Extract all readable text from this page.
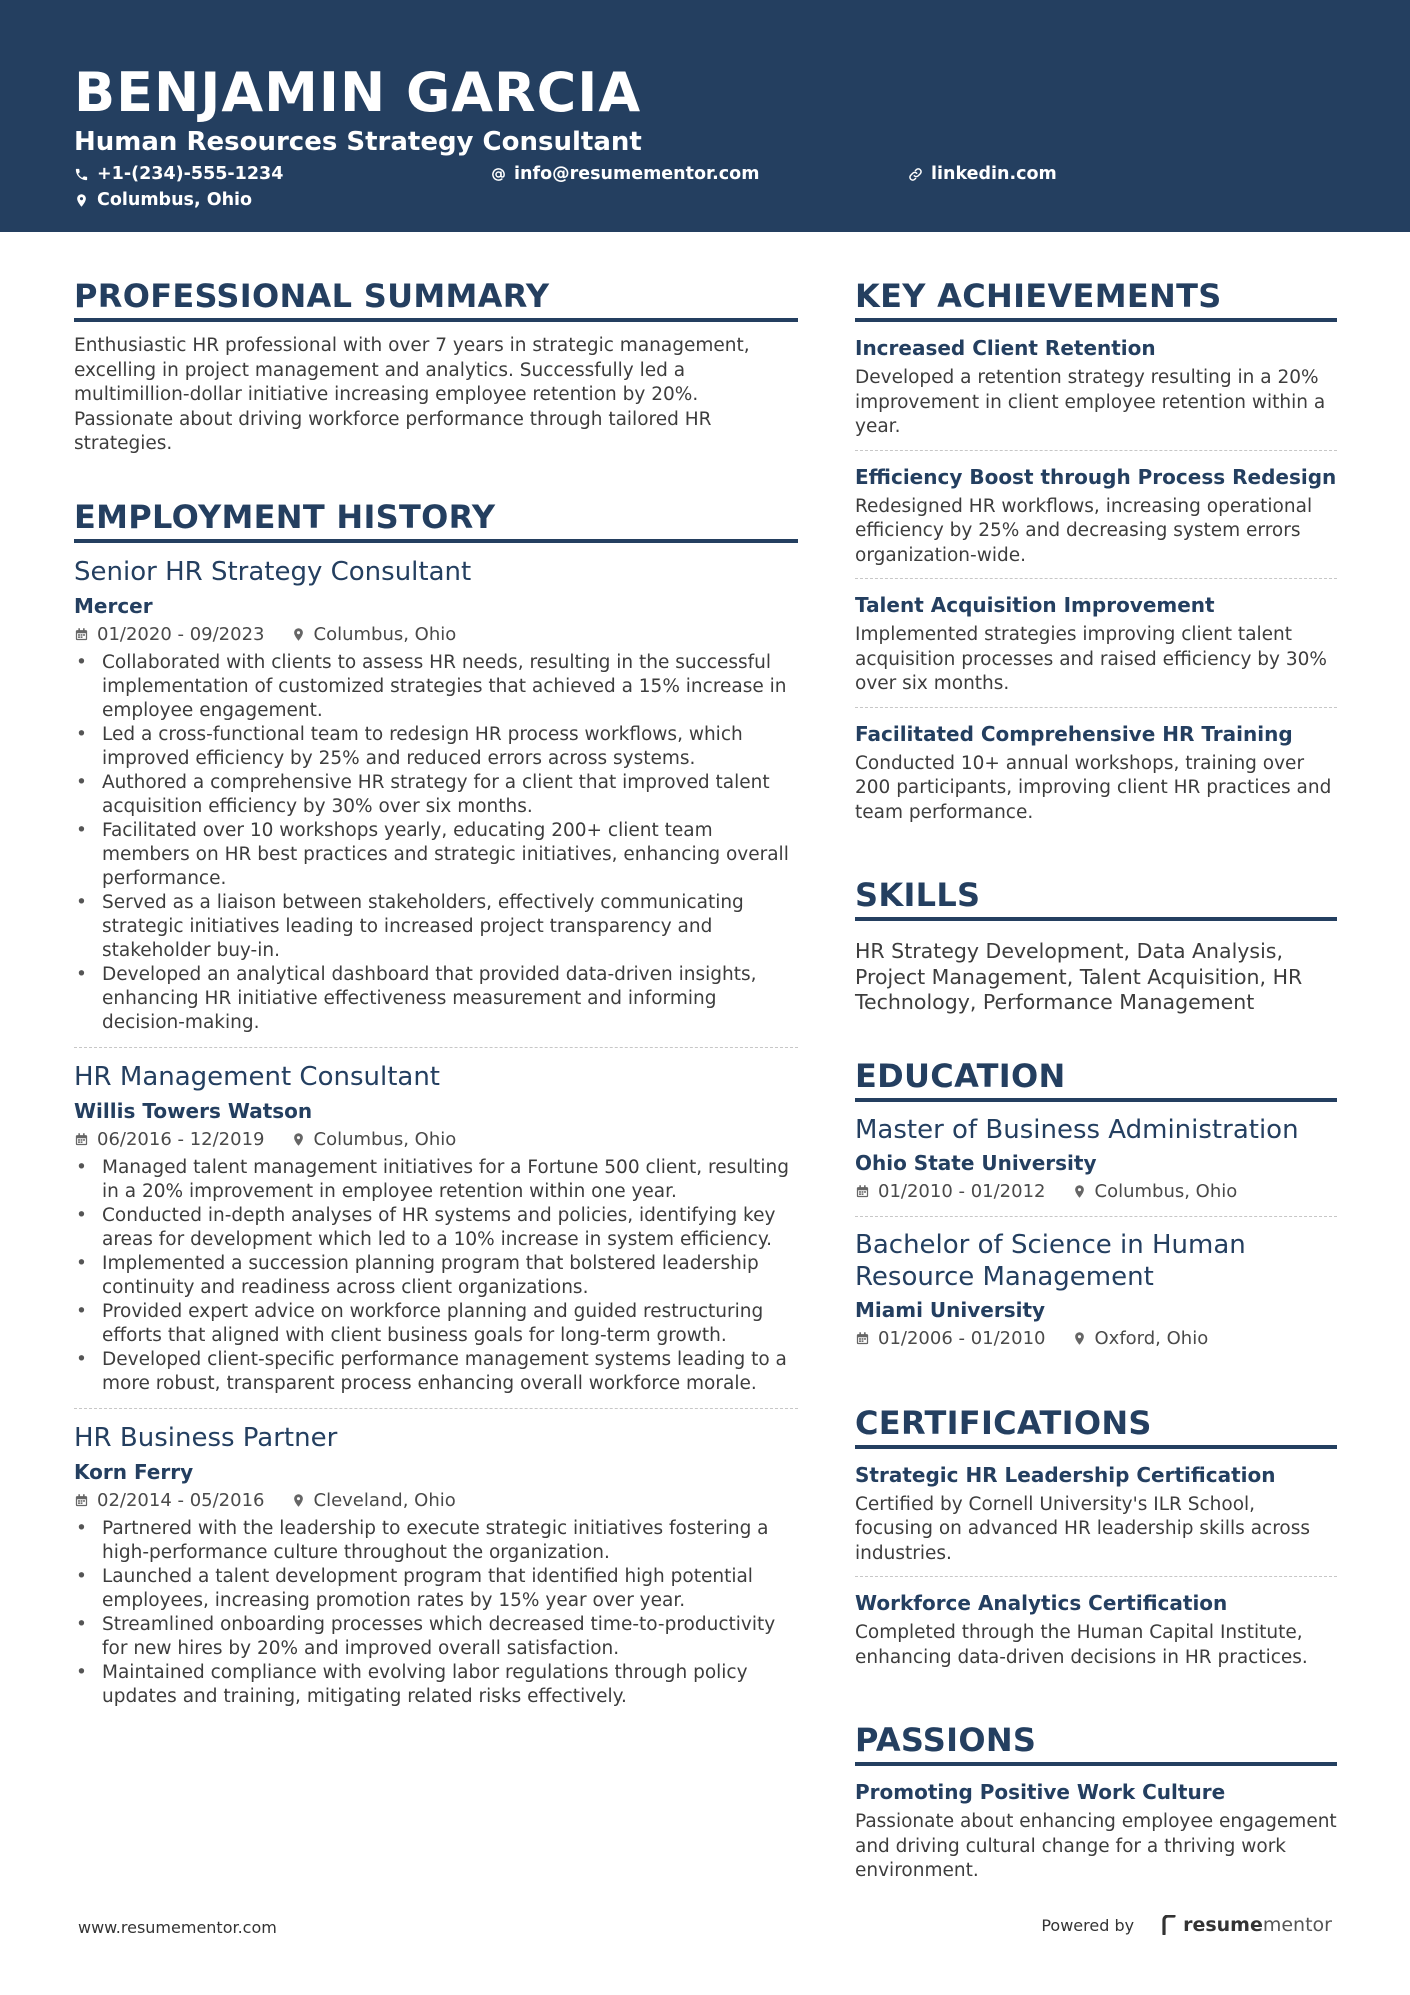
BENJAMIN GARCIA
Human Resources Strategy Consultant
+1-(234)-555-1234	info@resumementor.com	linkedin.com
Columbus, Ohio
PROFESSIONAL SUMMARY

Enthusiastic HR professional with over 7 years in strategic management, excelling in project management and analytics. Successfully led a multimillion-dollar initiative increasing employee retention by 20%. Passionate about driving workforce performance through tailored HR strategies.

EMPLOYMENT HISTORY
Senior HR Strategy Consultant
Mercer
01/2020 - 09/2023	Columbus, Ohio
• Collaborated with clients to assess HR needs, resulting in the successful implementation of customized strategies that achieved a 15% increase in employee engagement.
• Led a cross-functional team to redesign HR process workflows, which improved efficiency by 25% and reduced errors across systems.
• Authored a comprehensive HR strategy for a client that improved talent acquisition efficiency by 30% over six months.
• Facilitated over 10 workshops yearly, educating 200+ client team members on HR best practices and strategic initiatives, enhancing overall performance.
• Served as a liaison between stakeholders, effectively communicating strategic initiatives leading to increased project transparency and stakeholder buy-in.
• Developed an analytical dashboard that provided data-driven insights, enhancing HR initiative effectiveness measurement and informing decision-making.
HR Management Consultant
Willis Towers Watson
06/2016 - 12/2019	Columbus, Ohio
• Managed talent management initiatives for a Fortune 500 client, resulting in a 20% improvement in employee retention within one year.
• Conducted in-depth analyses of HR systems and policies, identifying key areas for development which led to a 10% increase in system efficiency.
• Implemented a succession planning program that bolstered leadership continuity and readiness across client organizations.
• Provided expert advice on workforce planning and guided restructuring efforts that aligned with client business goals for long-term growth.
• Developed client-specific performance management systems leading to a more robust, transparent process enhancing overall workforce morale.
HR Business Partner
Korn Ferry
02/2014 - 05/2016	Cleveland, Ohio
• Partnered with the leadership to execute strategic initiatives fostering a high-performance culture throughout the organization.
• Launched a talent development program that identified high potential employees, increasing promotion rates by 15% year over year.
• Streamlined onboarding processes which decreased time-to-productivity for new hires by 20% and improved overall satisfaction.
• Maintained compliance with evolving labor regulations through policy updates and training, mitigating related risks effectively.
KEY ACHIEVEMENTS
Increased Client Retention

Developed a retention strategy resulting in a 20% improvement in client employee retention within a year.

Efficiency Boost through Process Redesign

Redesigned HR workflows, increasing operational efficiency by 25% and decreasing system errors organization-wide.

Talent Acquisition Improvement

Implemented strategies improving client talent acquisition processes and raised efficiency by 30% over six months.

Facilitated Comprehensive HR Training

Conducted 10+ annual workshops, training over 200 participants, improving client HR practices and team performance.

SKILLS

HR Strategy Development, Data Analysis, Project Management, Talent Acquisition, HR Technology, Performance Management

EDUCATION
Master of Business Administration
Ohio State University
01/2010 - 01/2012	Columbus, Ohio
Bachelor of Science in Human Resource Management
Miami University
01/2006 - 01/2010	Oxford, Ohio
CERTIFICATIONS
Strategic HR Leadership Certification

Certified by Cornell University's ILR School, focusing on advanced HR leadership skills across industries.

Workforce Analytics Certification

Completed through the Human Capital Institute, enhancing data-driven decisions in HR practices.

PASSIONS
Promoting Positive Work Culture

Passionate about enhancing employee engagement and driving cultural change for a thriving work environment.

www.resumementor.com	Powered by	resume mentor
